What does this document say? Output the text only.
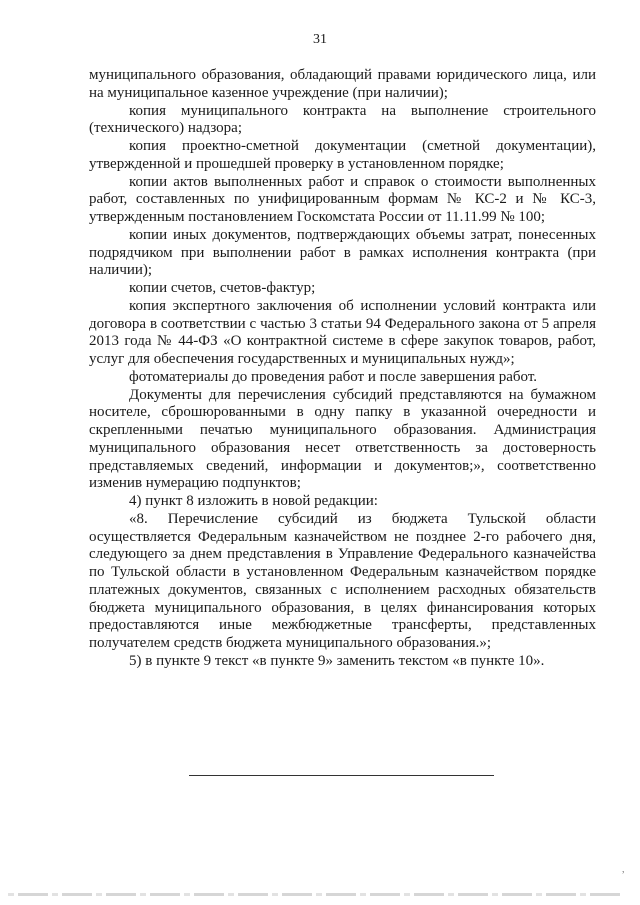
31

муниципального образования, обладающий правами юридического лица, или на муниципальное казенное учреждение (при наличии);

копия муниципального контракта на выполнение строительного (технического) надзора;

копия проектно-сметной документации (сметной документации), утвержденной и прошедшей проверку в установленном порядке;

копии актов выполненных работ и справок о стоимости выполненных работ, составленных по унифицированным формам № КС-2 и № КС-3, утвержденным постановлением Госкомстата России от 11.11.99 № 100;

копии иных документов, подтверждающих объемы затрат, понесенных подрядчиком при выполнении работ в рамках исполнения контракта (при наличии);

копии счетов, счетов-фактур;

копия экспертного заключения об исполнении условий контракта или договора в соответствии с частью 3 статьи 94 Федерального закона от 5 апреля 2013 года № 44-ФЗ «О контрактной системе в сфере закупок товаров, работ, услуг для обеспечения государственных и муниципальных нужд»;

фотоматериалы до проведения работ и после завершения работ.

Документы для перечисления субсидий представляются на бумажном носителе, сброшюрованными в одну папку в указанной очередности и скрепленными печатью муниципального образования. Администрация муниципального образования несет ответственность за достоверность представляемых сведений, информации и документов;», соответственно изменив нумерацию подпунктов;

4) пункт 8 изложить в новой редакции:

«8. Перечисление субсидий из бюджета Тульской области осуществляется Федеральным казначейством не позднее 2-го рабочего дня, следующего за днем представления в Управление Федерального казначейства по Тульской области в установленном Федеральным казначейством порядке платежных документов, связанных с исполнением расходных обязательств бюджета муниципального образования, в целях финансирования которых предоставляются иные межбюджетные трансферты, представленных получателем средств бюджета муниципального образования.»;

5) в пункте 9 текст «в пункте 9» заменить текстом «в пункте 10».

,
